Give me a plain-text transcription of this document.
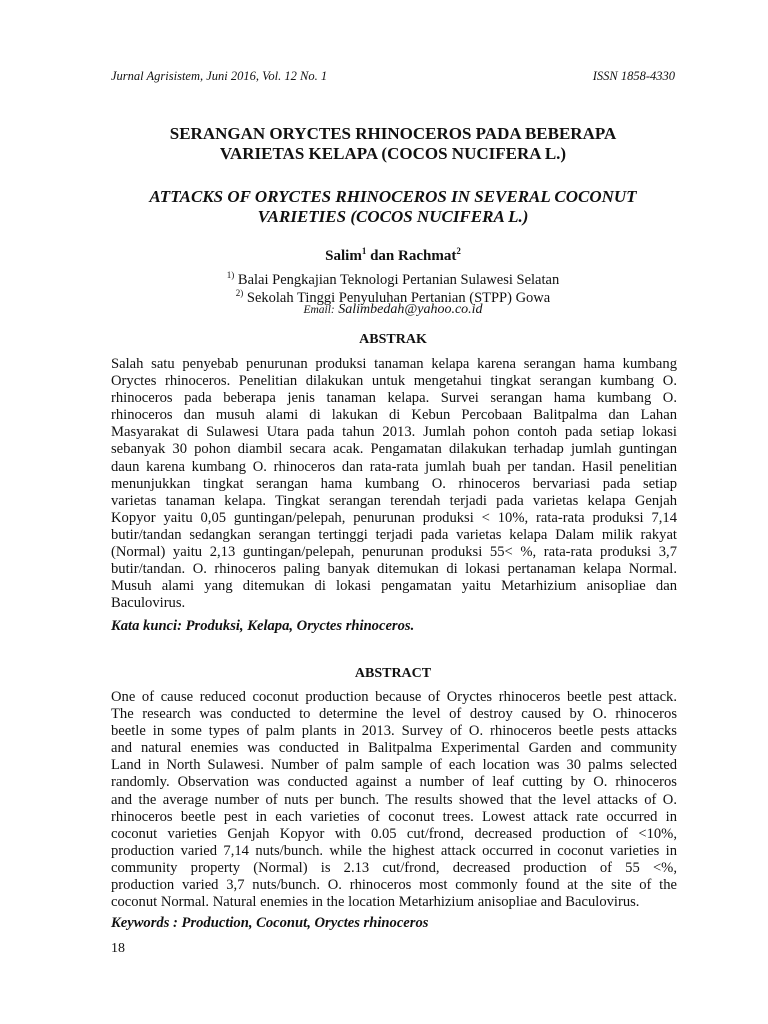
Jurnal Agrisistem, Juni 2016, Vol. 12 No. 1	ISSN 1858-4330
SERANGAN ORYCTES RHINOCEROS PADA BEBERAPA
VARIETAS KELAPA (COCOS NUCIFERA L.)
ATTACKS OF ORYCTES RHINOCEROS IN SEVERAL COCONUT
VARIETIES (COCOS NUCIFERA L.)
Salim$^1$ dan Rachmat$^2$
$^{1)}$ Balai Pengkajian Teknologi Pertanian Sulawesi Selatan
$^{2)}$ Sekolah Tinggi Penyuluhan Pertanian (STPP) Gowa
Email: Salimbedah@yahoo.co.id
ABSTRAK
Salah satu penyebab penurunan produksi tanaman kelapa karena serangan hama kumbang
Oryctes rhinoceros. Penelitian dilakukan untuk mengetahui tingkat serangan kumbang O.
rhinoceros pada beberapa jenis tanaman kelapa. Survei serangan hama kumbang O.
rhinoceros dan musuh alami di lakukan di Kebun Percobaan Balitpalma dan Lahan
Masyarakat di Sulawesi Utara pada tahun 2013. Jumlah pohon contoh pada setiap lokasi
sebanyak 30 pohon diambil secara acak. Pengamatan dilakukan terhadap jumlah guntingan
daun karena kumbang O. rhinoceros dan rata-rata jumlah buah per tandan. Hasil penelitian
menunjukkan tingkat serangan hama kumbang O. rhinoceros bervariasi pada setiap
varietas tanaman kelapa. Tingkat serangan terendah terjadi pada varietas kelapa Genjah
Kopyor yaitu 0,05 guntingan/pelepah, penurunan produksi < 10%, rata-rata produksi 7,14
butir/tandan sedangkan serangan tertinggi terjadi pada varietas kelapa Dalam milik rakyat
(Normal) yaitu 2,13 guntingan/pelepah, penurunan produksi 55< %, rata-rata produksi 3,7
butir/tandan. O. rhinoceros paling banyak ditemukan di lokasi pertanaman kelapa Normal.
Musuh alami yang ditemukan di lokasi pengamatan yaitu Metarhizium anisopliae dan
Baculovirus.
Kata kunci: Produksi, Kelapa, Oryctes rhinoceros.
ABSTRACT
One of cause reduced coconut production because of Oryctes rhinoceros beetle pest attack.
The research was conducted to determine the level of destroy caused by O. rhinoceros
beetle in some types of palm plants in 2013. Survey of O. rhinoceros beetle pests attacks
and natural enemies was conducted in Balitpalma Experimental Garden and community
Land in North Sulawesi. Number of palm sample of each location was 30 palms selected
randomly. Observation was conducted against a number of leaf cutting by O. rhinoceros
and the average number of nuts per bunch. The results showed that the level attacks of O.
rhinoceros beetle pest in each varieties of coconut trees. Lowest attack rate occurred in
coconut varieties Genjah Kopyor with 0.05 cut/frond, decreased production of <10%,
production varied 7,14 nuts/bunch. while the highest attack occurred in coconut varieties in
community property (Normal) is 2.13 cut/frond, decreased production of 55 <%,
production varied 3,7 nuts/bunch. O. rhinoceros most commonly found at the site of the
coconut Normal. Natural enemies in the location Metarhizium anisopliae and Baculovirus.
Keywords : Production, Coconut, Oryctes rhinoceros
18
